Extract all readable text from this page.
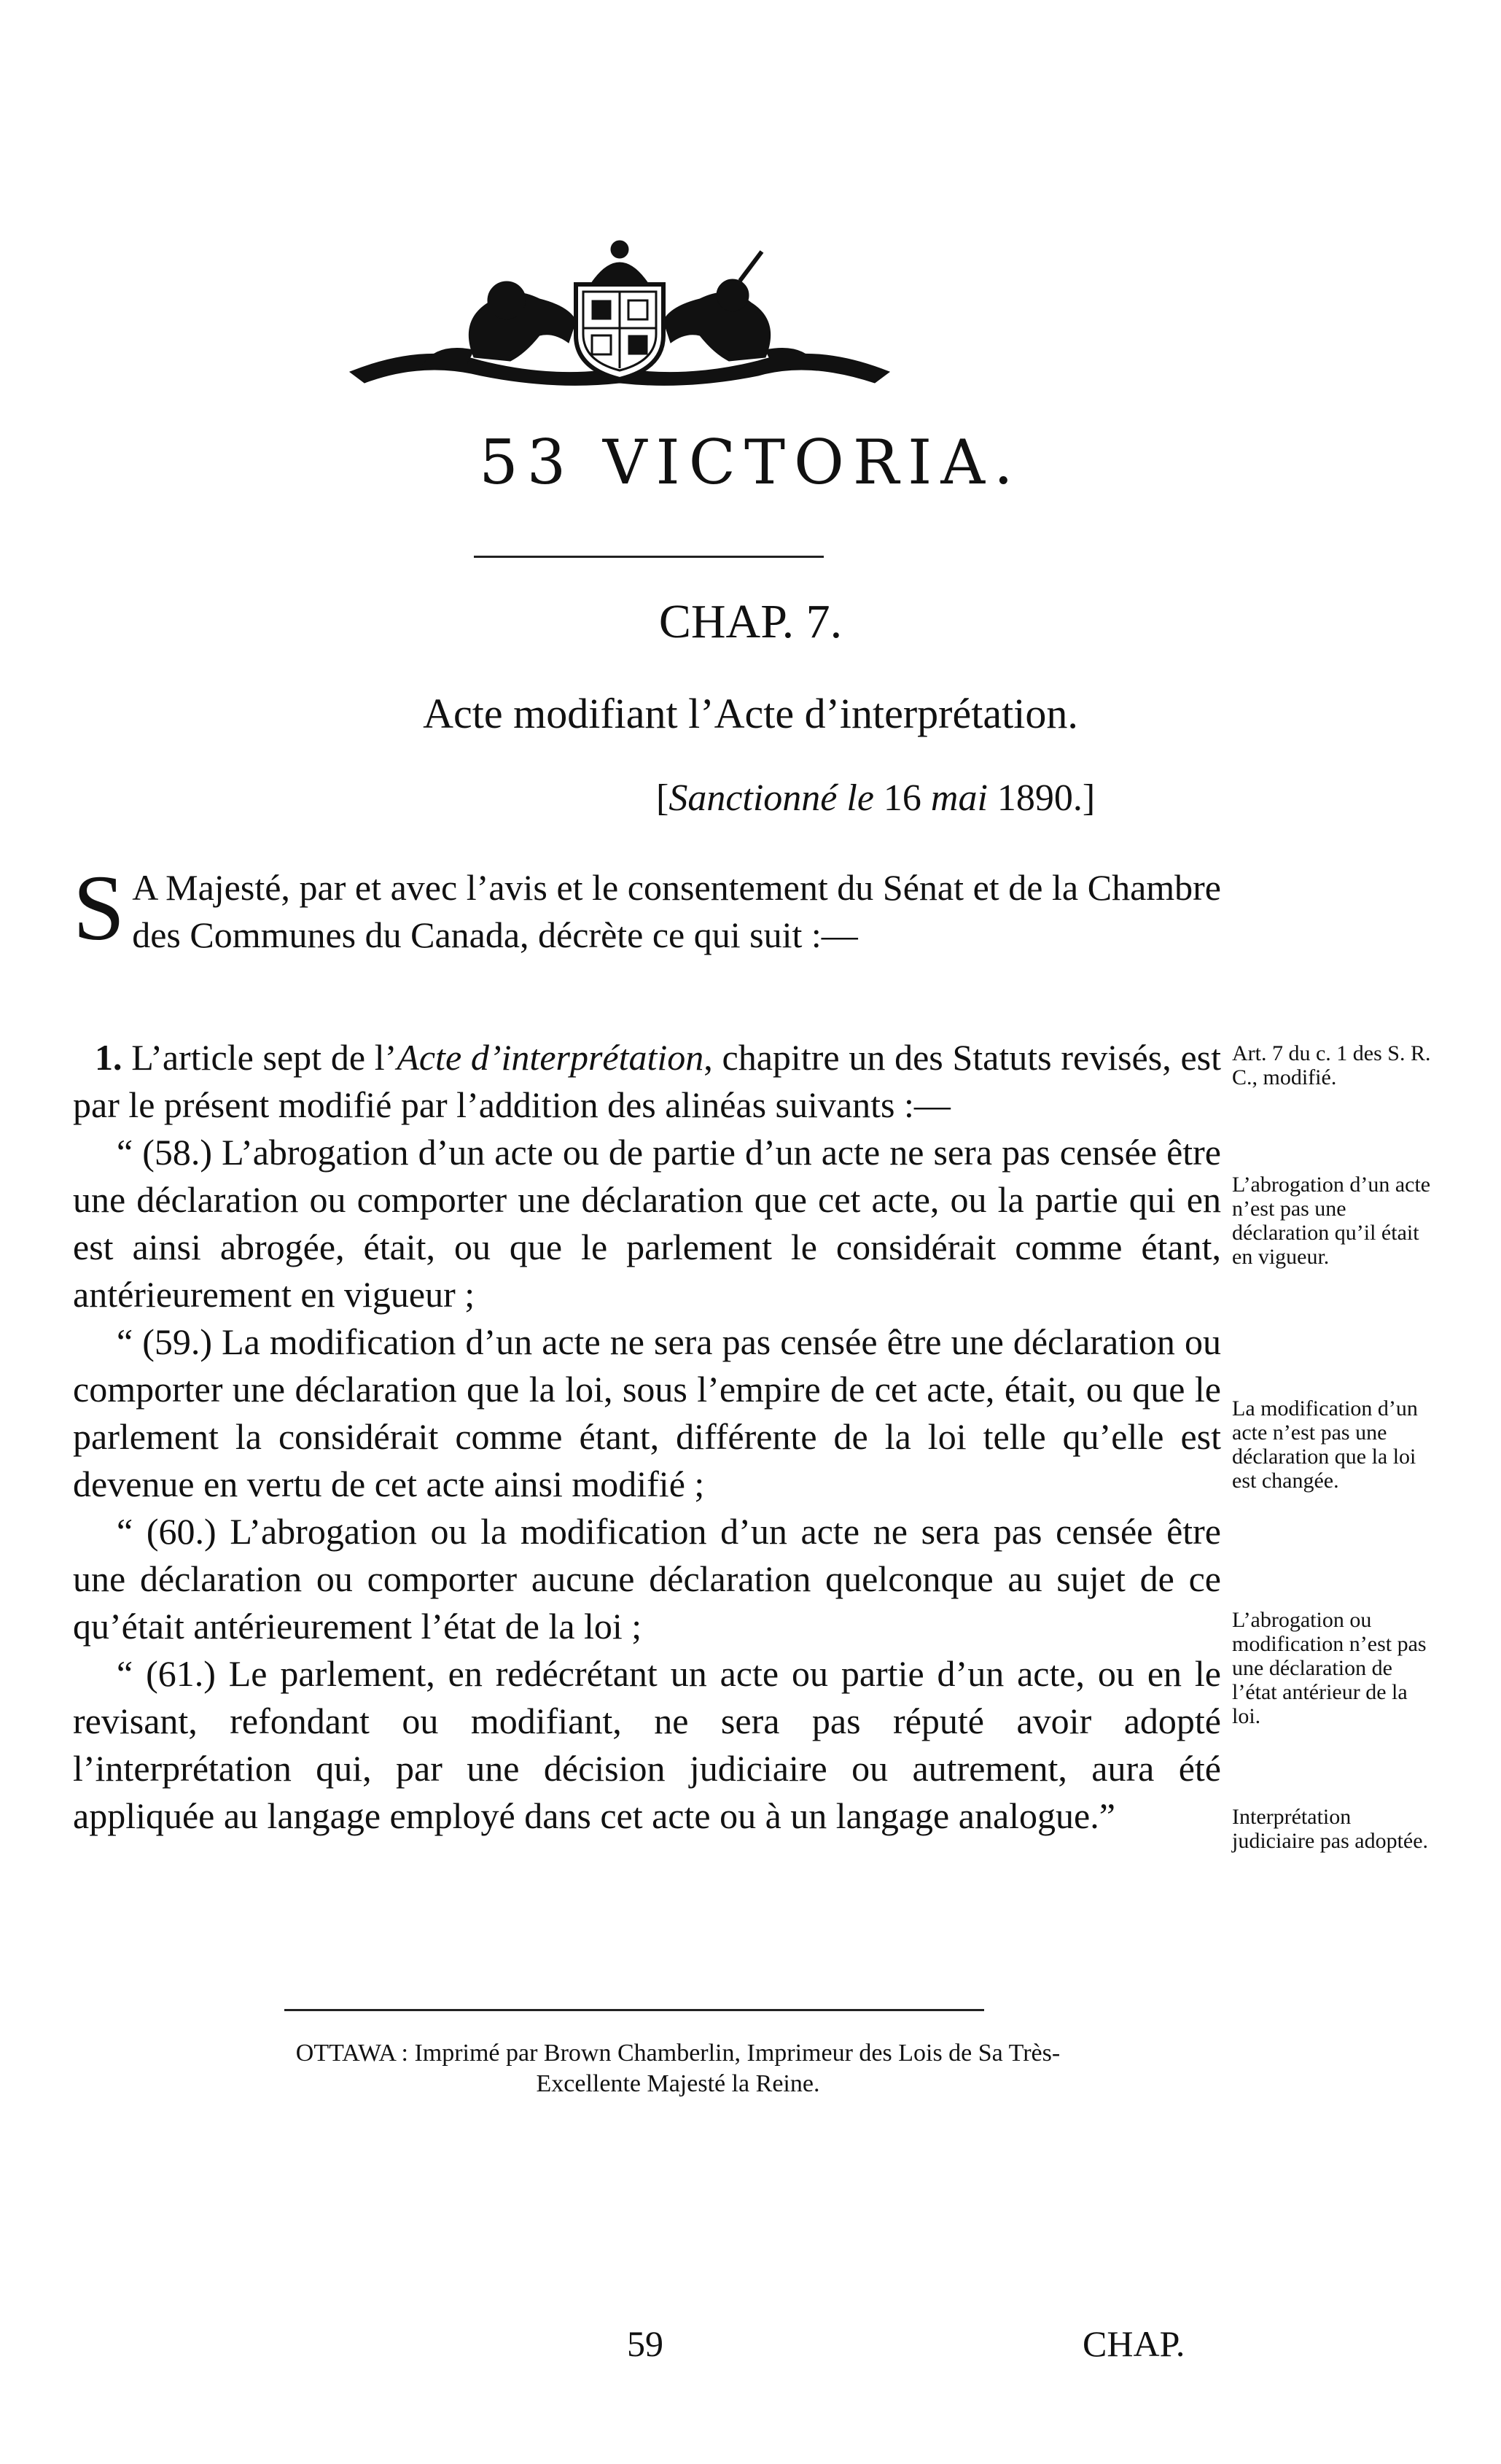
53 VICTORIA.
CHAP. 7.
Acte modifiant l’Acte d’interprétation.
[Sanctionné le 16 mai 1890.]
S A Majesté, par et avec l’avis et le consentement du Sénat et de la Chambre des Communes du Canada, décrète ce qui suit :—

1. L’article sept de l’Acte d’interprétation, chapitre un des Statuts revisés, est par le présent modifié par l’addition des alinéas suivants :—

“ (58.) L’abrogation d’un acte ou de partie d’un acte ne sera pas censée être une déclaration ou comporter une déclaration que cet acte, ou la partie qui en est ainsi abrogée, était, ou que le parlement le considérait comme étant, antérieurement en vigueur ;

“ (59.) La modification d’un acte ne sera pas censée être une déclaration ou comporter une déclaration que la loi, sous l’empire de cet acte, était, ou que le parlement la considérait comme étant, différente de la loi telle qu’elle est devenue en vertu de cet acte ainsi modifié ;

“ (60.) L’abrogation ou la modification d’un acte ne sera pas censée être une déclaration ou comporter aucune déclaration quelconque au sujet de ce qu’était antérieurement l’état de la loi ;

“ (61.) Le parlement, en redécrétant un acte ou partie d’un acte, ou en le revisant, refondant ou modifiant, ne sera pas réputé avoir adopté l’interprétation qui, par une décision judiciaire ou autrement, aura été appliquée au langage employé dans cet acte ou à un langage analogue.”

Art. 7 du c. 1 des S. R. C., modifié.
L’abrogation d’un acte n’est pas une déclaration qu’il était en vigueur.
La modification d’un acte n’est pas une déclaration que la loi est changée.
L’abrogation ou modification n’est pas une déclaration de l’état antérieur de la loi.
Interprétation judiciaire pas adoptée.
OTTAWA : Imprimé par Brown Chamberlin, Imprimeur des Lois de Sa Très-
Excellente Majesté la Reine.
59	CHAP.
